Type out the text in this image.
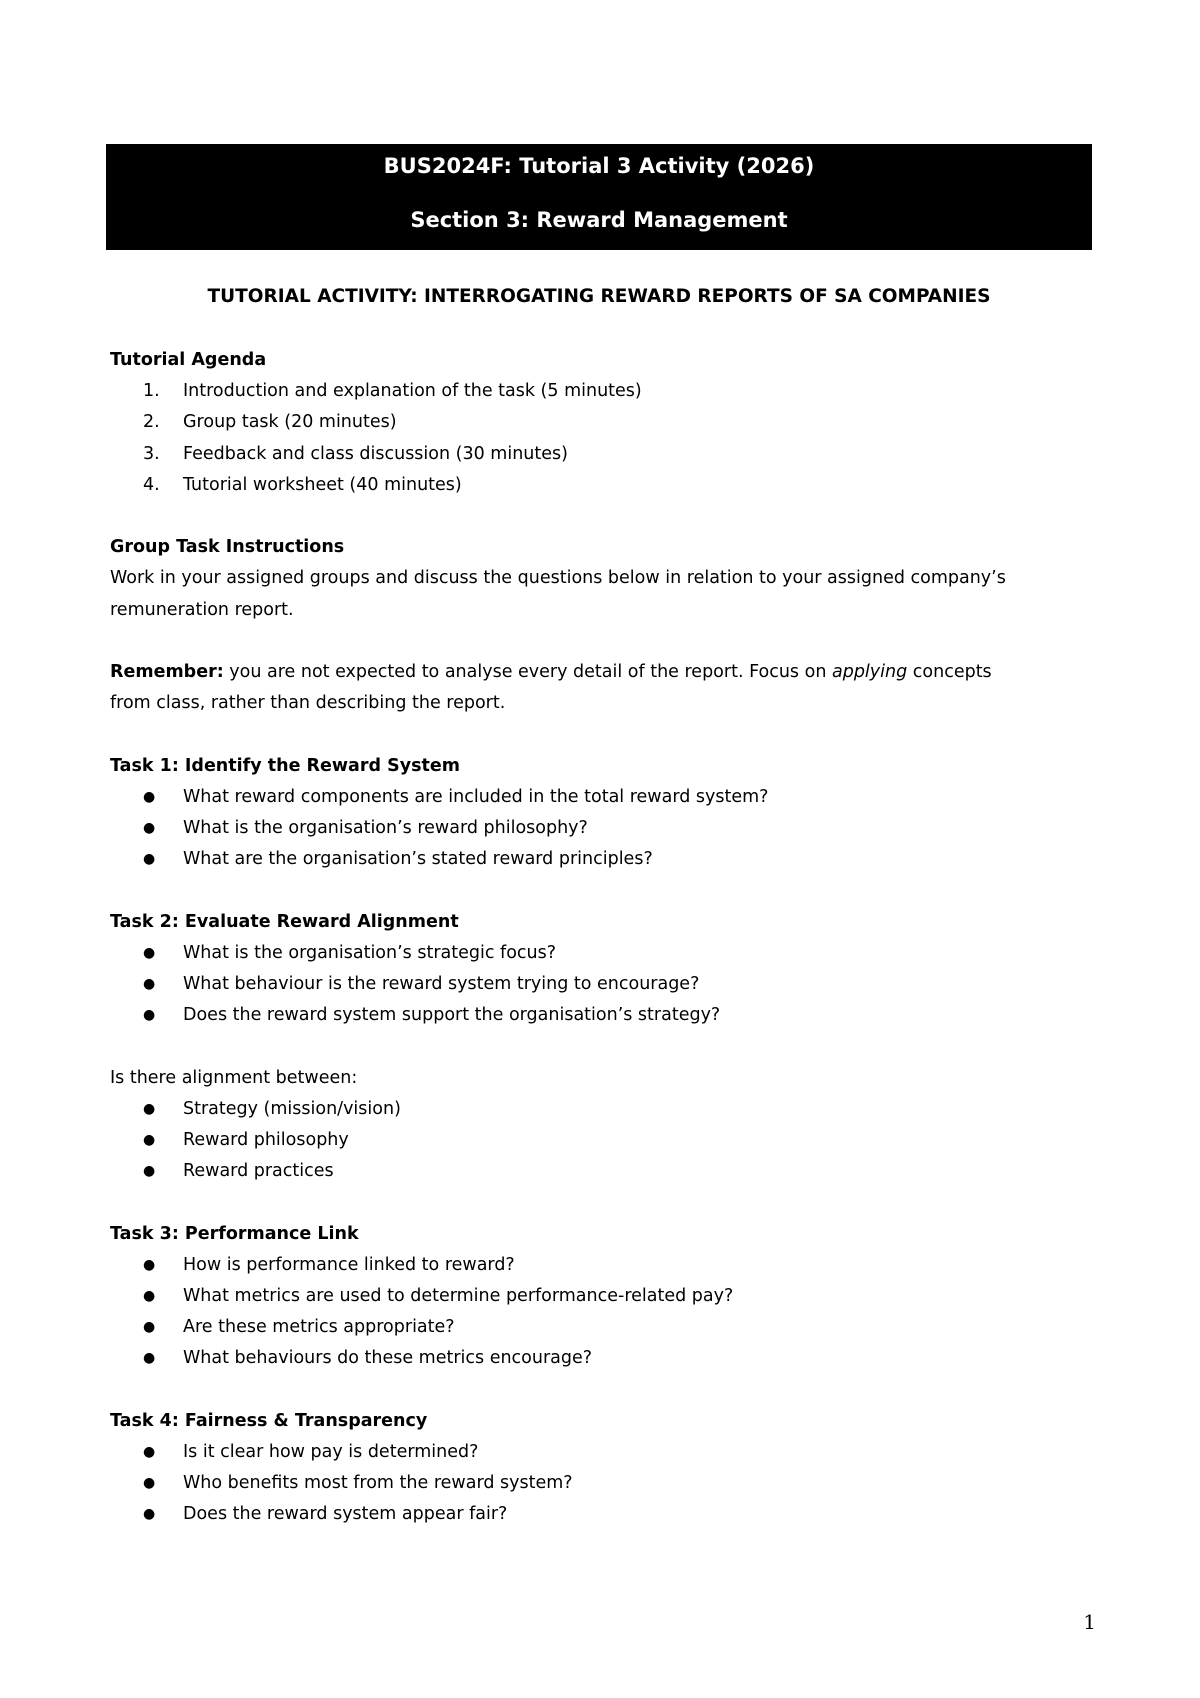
BUS2024F: Tutorial 3 Activity (2026)
Section 3: Reward Management
TUTORIAL ACTIVITY: INTERROGATING REWARD REPORTS OF SA COMPANIES
Tutorial Agenda
1. Introduction and explanation of the task (5 minutes)
2. Group task (20 minutes)
3. Feedback and class discussion (30 minutes)
4. Tutorial worksheet (40 minutes)
Group Task Instructions
Work in your assigned groups and discuss the questions below in relation to your assigned company’s
remuneration report.
Remember: you are not expected to analyse every detail of the report. Focus on applying concepts
from class, rather than describing the report.
Task 1: Identify the Reward System
● What reward components are included in the total reward system?
● What is the organisation’s reward philosophy?
● What are the organisation’s stated reward principles?
Task 2: Evaluate Reward Alignment
● What is the organisation’s strategic focus?
● What behaviour is the reward system trying to encourage?
● Does the reward system support the organisation’s strategy?
Is there alignment between:
● Strategy (mission/vision)
● Reward philosophy
● Reward practices
Task 3: Performance Link
● How is performance linked to reward?
● What metrics are used to determine performance-related pay?
● Are these metrics appropriate?
● What behaviours do these metrics encourage?
Task 4: Fairness & Transparency
● Is it clear how pay is determined?
● Who benefits most from the reward system?
● Does the reward system appear fair?
1
